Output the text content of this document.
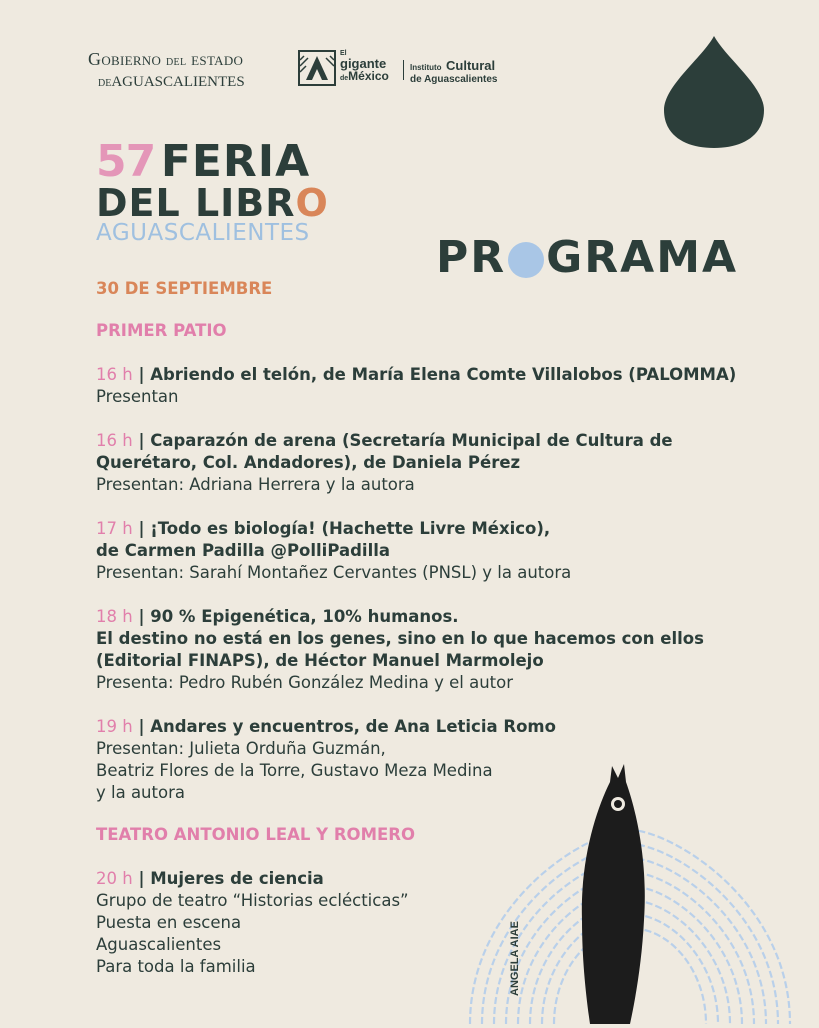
GOBIERNO DEL ESTADO
DEAGUASCALIENTES
El
gigante
deMéxico
Instituto Cultural
de Aguascalientes
57 FERIA
DEL LIBRO
AGUASCALIENTES	PR GRAMA
30 DE SEPTIEMBRE
PRIMER PATIO
16 h | Abriendo el telón, de María Elena Comte Villalobos (PALOMMA)
Presentan
16 h | Caparazón de arena (Secretaría Municipal de Cultura de
Querétaro, Col. Andadores), de Daniela Pérez
Presentan: Adriana Herrera y la autora
17 h | ¡Todo es biología! (Hachette Livre México),
de Carmen Padilla @PolliPadilla
Presentan: Sarahí Montañez Cervantes (PNSL) y la autora
18 h | 90 % Epigenética, 10% humanos.
El destino no está en los genes, sino en lo que hacemos con ellos
(Editorial FINAPS), de Héctor Manuel Marmolejo
Presenta: Pedro Rubén González Medina y el autor
19 h | Andares y encuentros, de Ana Leticia Romo
Presentan: Julieta Orduña Guzmán,
Beatriz Flores de la Torre, Gustavo Meza Medina
y la autora
TEATRO ANTONIO LEAL Y ROMERO
20 h | Mujeres de ciencia
Grupo de teatro “Historias eclécticas”
Puesta en escena
Aguascalientes
Para toda la familia	ANGELA AIAE
